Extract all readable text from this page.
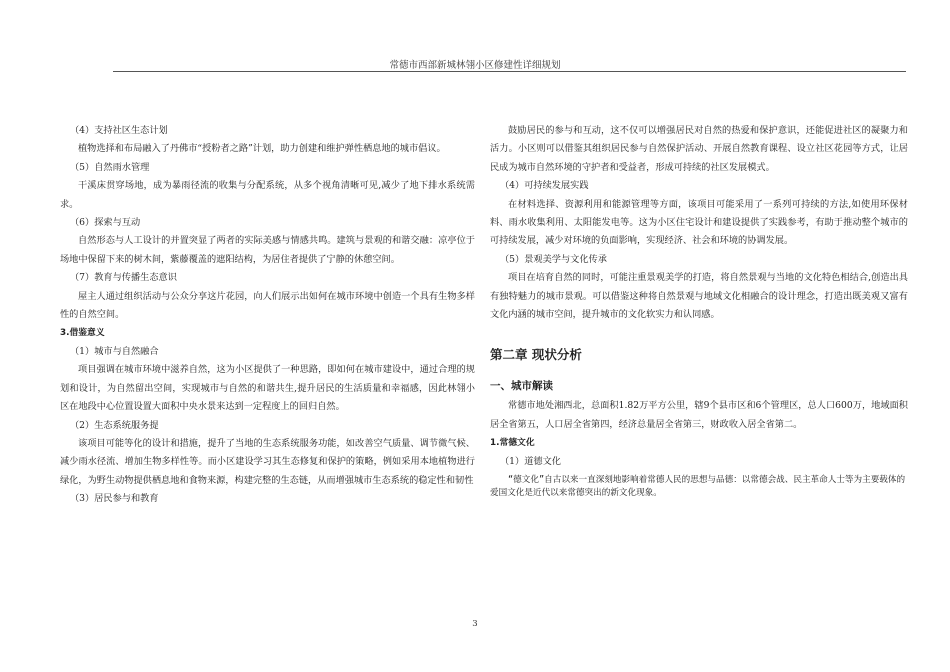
常德市西部新城林翎小区修建性详细规划

（4）支持社区生态计划

植物选择和布局融入了丹佛市“授粉者之路”计划，助力创建和维护弹性栖息地的城市倡议。

（5）自然雨水管理

干溪床贯穿场地，成为暴雨径流的收集与分配系统，从多个视角清晰可见,减少了地下排水系统需求。

（6）探索与互动

自然形态与人工设计的并置突显了两者的实际美感与情感共鸣。建筑与景观的和谐交融：凉亭位于场地中保留下来的树木间，紫藤覆盖的遮阳结构，为居住者提供了宁静的休憩空间。

（7）教育与传播生态意识

屋主人通过组织活动与公众分享这片花园，向人们展示出如何在城市环境中创造一个具有生物多样性的自然空间。

3.借鉴意义

（1）城市与自然融合

项目强调在城市环境中滋养自然，这为小区提供了一种思路，即如何在城市建设中，通过合理的规划和设计，为自然留出空间，实现城市与自然的和谐共生,提升居民的生活质量和幸福感，因此林翎小区在地段中心位置设置大面积中央水景来达到一定程度上的回归自然。

（2）生态系统服务提

该项目可能等化的设计和措施，提升了当地的生态系统服务功能，如改善空气质量、调节微气候、减少雨水径流、增加生物多样性等。而小区建设学习其生态修复和保护的策略，例如采用本地植物进行绿化，为野生动物提供栖息地和食物来源，构建完整的生态链，从而增强城市生态系统的稳定性和韧性

（3）居民参与和教育

鼓励居民的参与和互动，这不仅可以增强居民对自然的热爱和保护意识，还能促进社区的凝聚力和活力。小区则可以借鉴其组织居民参与自然保护活动、开展自然教育课程、设立社区花园等方式，让居民成为城市自然环境的守护者和受益者，形成可持续的社区发展模式。

（4）可持续发展实践

在材料选择、资源利用和能源管理等方面，该项目可能采用了一系列可持续的方法,如使用环保材料、雨水收集利用、太阳能发电等。这为小区住宅设计和建设提供了实践参考，有助于推动整个城市的可持续发展，减少对环境的负面影响，实现经济、社会和环境的协调发展。

（5）景观美学与文化传承

项目在培育自然的同时，可能注重景观美学的打造，将自然景观与当地的文化特色相结合,创造出具有独特魅力的城市景观。可以借鉴这种将自然景观与地域文化相融合的设计理念，打造出既美观又富有文化内涵的城市空间，提升城市的文化软实力和认同感。

第二章 现状分析

一、城市解读

常德市地处湘西北，总面积1.82万平方公里，辖9个县市区和6个管理区，总人口600万，地域面积居全省第五，人口居全省第四，经济总量居全省第三，财政收入居全省第二。

1.常德文化

（1）道德文化

“德文化”自古以来一直深刻地影响着常德人民的思想与品德：以常德会战、民主革命人士等为主要载体的爱国文化是近代以来常德突出的新文化现象。

3
